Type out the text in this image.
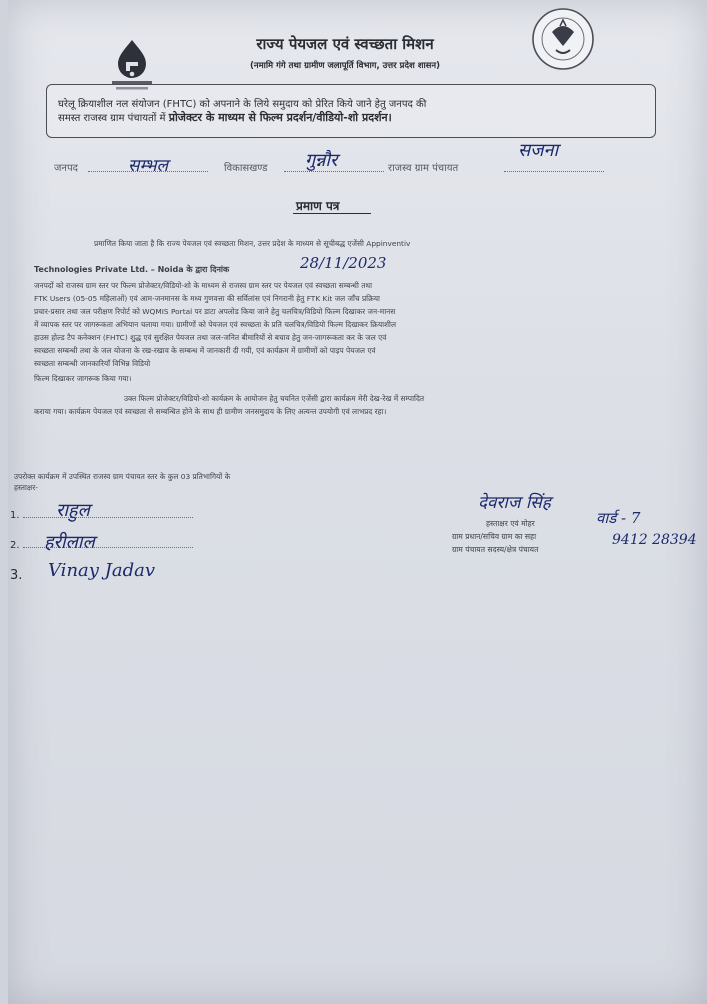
राज्य पेयजल एवं स्वच्छता मिशन
(नमामि गंगे तथा ग्रामीण जलापूर्ति विभाग, उत्तर प्रदेश शासन)
घरेलू क्रियाशील नल संयोजन (FHTC) को अपनाने के लिये समुदाय को प्रेरित किये जाने हेतु जनपद की
समस्त राजस्व ग्राम पंचायतों में प्रोजेक्टर के माध्यम से फिल्म प्रदर्शन/वीडियो-शो प्रदर्शन।
जनपद	सम्भल	विकासखण्ड गुन्नौर	राजस्व ग्राम पंचायत
सजना
प्रमाण पत्र
प्रमाणित किया जाता है कि राज्य पेयजल एवं स्वच्छता मिशन, उत्तर प्रदेश के माध्यम से सूचीबद्ध एजेंसी Appinventiv
Technologies Private Ltd. – Noida के द्वारा दिनांक	28/11/2023
जनपदों को राजस्व ग्राम स्तर पर फिल्म प्रोजेक्टर/विडियो-शो के माध्यम से राजस्व ग्राम स्तर पर पेयजल एवं स्वच्छता सम्बन्धी तथा
FTK Users (05-05 महिलाओं) एवं आम-जनमानस के मध्य गुणवत्ता की सर्विलांस एवं निगरानी हेतु FTK Kit जल जाँच प्रक्रिया
प्रचार-प्रसार तथा जल परीक्षण रिपोर्ट को WQMIS Portal पर डाटा अपलोड किया जाने हेतु चलचित्र/विडियो फिल्म दिखाकर जन-मानस
में व्यापक स्तर पर जागरूकता अभियान चलाया गया। ग्रामीणों को पेयजल एवं स्वच्छता के प्रति चलचित्र/विडियो फिल्म दिखाकर क्रियाशील
हाउस होल्ड टैप कनेक्शन (FHTC) शुद्ध एवं सुरक्षित पेयजल तथा जल-जनित बीमारियों से बचाव हेतु जन-जागरूकता कर के जल एवं
स्वच्छता सम्बन्धी तथा के जल योजना के रख-रखाव के सम्बन्ध में जानकारी दी गयी, एवं कार्यक्रम में ग्रामीणों को पाइप पेयजल एवं
स्वच्छता सम्बन्धी जानकारियाँ विभिन्न विडियो
फिल्म दिखाकर जागरूक किया गया।
उक्त फिल्म प्रोजेक्टर/विडियो-शो कार्यक्रम के आयोजन हेतु चयनित एजेंसी द्वारा कार्यक्रम मेरी देख-रेख में सम्पादित
कराया गया। कार्यक्रम पेयजल एवं स्वच्छता से सम्बन्धित होने के साथ ही ग्रामीण जनसमुदाय के लिए अत्यन्त उपयोगी एवं लाभप्रद रहा।
उपरोक्त कार्यक्रम में उपस्थित राजस्व ग्राम पंचायत स्तर के कुल 03 प्रतिभागियों के
हस्ताक्षर-
1.	राहुल
2.	हरीलाल
3. Vinay Jadav
देवराज सिंह
वार्ड - 7
हस्ताक्षर एवं मोहर
ग्राम प्रधान/सचिव ग्राम का सहा
ग्राम पंचायत सदस्य/क्षेत्र पंचायत
9412 28394
